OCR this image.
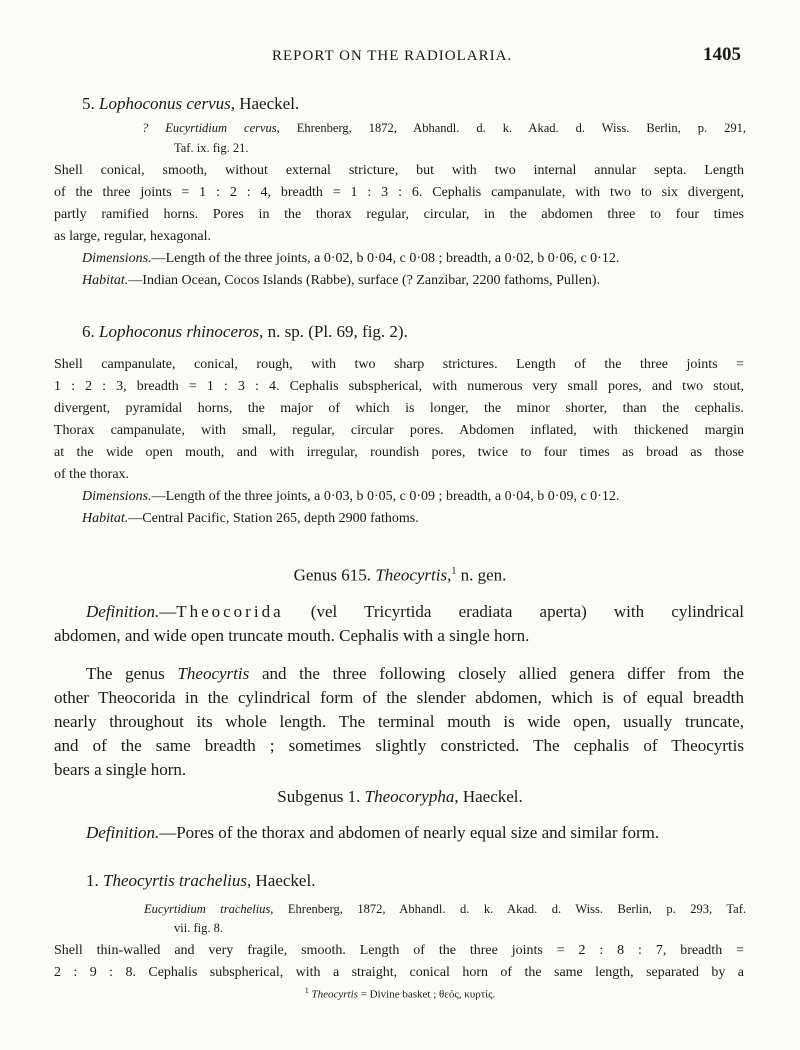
REPORT ON THE RADIOLARIA.	1405
5. Lophoconus cervus, Haeckel.
? Eucyrtidium cervus, Ehrenberg, 1872, Abhandl. d. k. Akad. d. Wiss. Berlin, p. 291,
Taf. ix. fig. 21.
Shell conical, smooth, without external stricture, but with two internal annular septa. Length
of the three joints = 1 : 2 : 4, breadth = 1 : 3 : 6. Cephalis campanulate, with two to six divergent,
partly ramified horns. Pores in the thorax regular, circular, in the abdomen three to four times
as large, regular, hexagonal.
Dimensions.—Length of the three joints, a 0·02, b 0·04, c 0·08 ; breadth, a 0·02, b 0·06, c 0·12.
Habitat.—Indian Ocean, Cocos Islands (Rabbe), surface (? Zanzibar, 2200 fathoms, Pullen).
6. Lophoconus rhinoceros, n. sp. (Pl. 69, fig. 2).
Shell campanulate, conical, rough, with two sharp strictures. Length of the three joints =
1 : 2 : 3, breadth = 1 : 3 : 4. Cephalis subspherical, with numerous very small pores, and two stout,
divergent, pyramidal horns, the major of which is longer, the minor shorter, than the cephalis.
Thorax campanulate, with small, regular, circular pores. Abdomen inflated, with thickened margin
at the wide open mouth, and with irregular, roundish pores, twice to four times as broad as those
of the thorax.
Dimensions.—Length of the three joints, a 0·03, b 0·05, c 0·09 ; breadth, a 0·04, b 0·09, c 0·12.
Habitat.—Central Pacific, Station 265, depth 2900 fathoms.
Genus 615. Theocyrtis,$^1$ n. gen.
Definition.—Theocorida (vel Tricyrtida eradiata aperta) with cylindrical
abdomen, and wide open truncate mouth. Cephalis with a single horn.
The genus Theocyrtis and the three following closely allied genera differ from the
other Theocorida in the cylindrical form of the slender abdomen, which is of equal breadth
nearly throughout its whole length. The terminal mouth is wide open, usually truncate,
and of the same breadth ; sometimes slightly constricted. The cephalis of Theocyrtis
bears a single horn.
Subgenus 1. Theocorypha, Haeckel.
Definition.—Pores of the thorax and abdomen of nearly equal size and similar form.
1. Theocyrtis trachelius, Haeckel.
Eucyrtidium trachelius, Ehrenberg, 1872, Abhandl. d. k. Akad. d. Wiss. Berlin, p. 293, Taf.
vii. fig. 8.
Shell thin-walled and very fragile, smooth. Length of the three joints = 2 : 8 : 7, breadth =
2 : 9 : 8. Cephalis subspherical, with a straight, conical horn of the same length, separated by a
$^1$ Theocyrtis = Divine basket ; θεός, κυρτίς.
